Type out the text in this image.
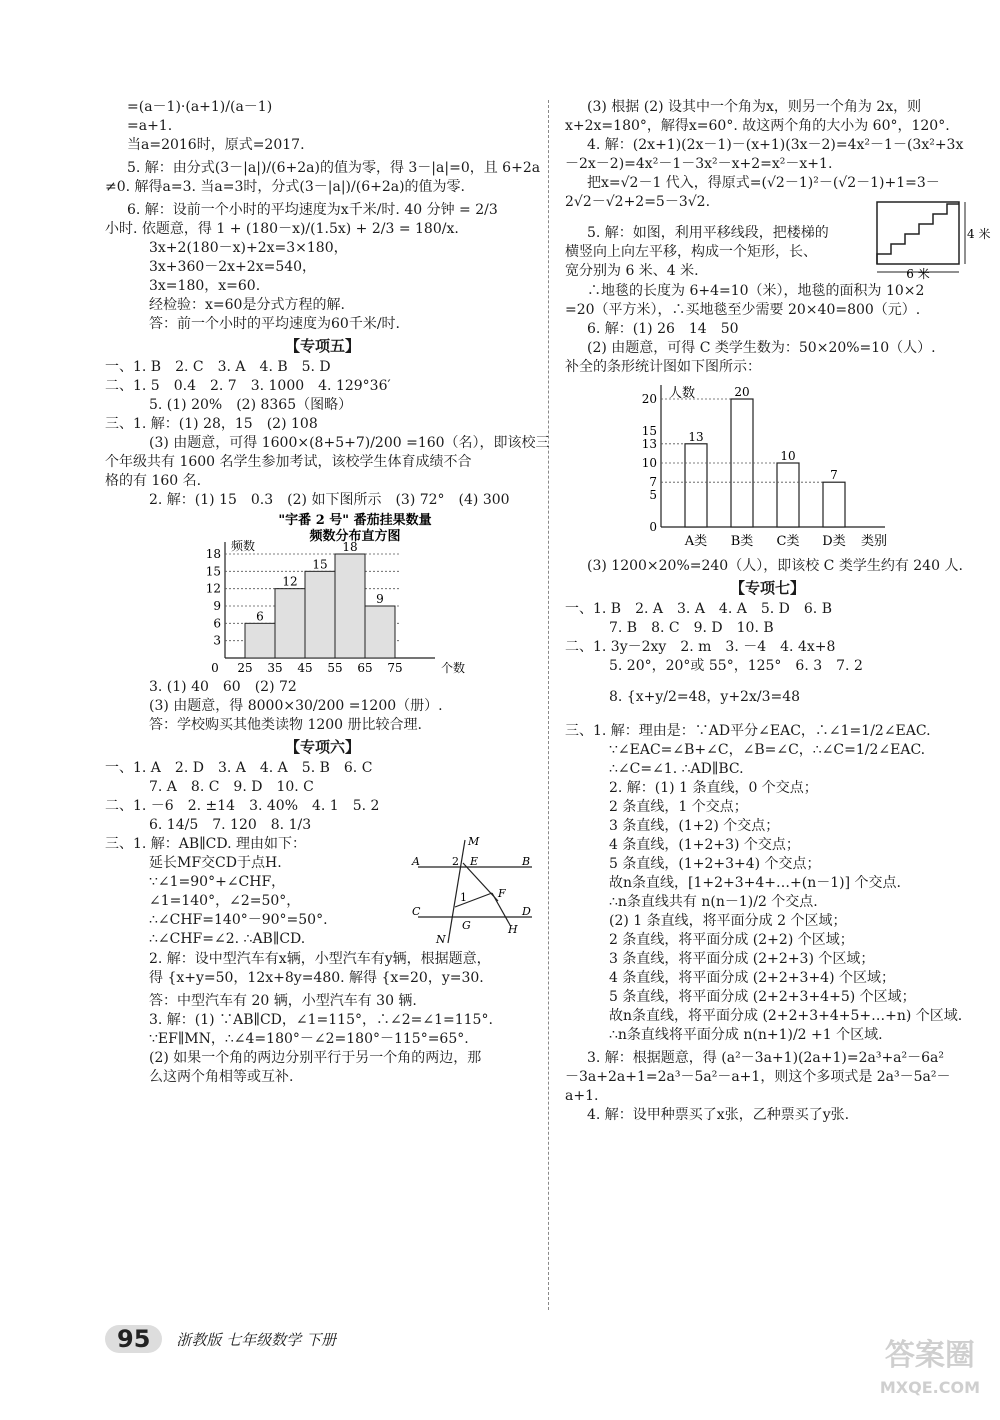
=(a－1)·(a+1)/(a－1)
=a+1.
当a=2016时，原式=2017.
5. 解：由分式(3－|a|)/(6+2a)的值为零，得 3－|a|=0，且 6+2a
≠0. 解得a=3. 当a=3时，分式(3－|a|)/(6+2a)的值为零.
6. 解：设前一个小时的平均速度为x千米/时. 40 分钟 = 2/3
小时. 依题意，得 1 + (180－x)/(1.5x) + 2/3 = 180/x.
3x+2(180－x)+2x=3×180，
3x+360－2x+2x=540，
3x=180，x=60.
经检验：x=60是分式方程的解.
答：前一个小时的平均速度为60千米/时.
【专项五】
一、1. B　2. C　3. A　4. B　5. D
二、1. 5　0.4　2. 7　3. 1000　4. 129°36′
5. (1) 20%　(2) 8365（图略）
三、1. 解：(1) 28，15　(2) 108
(3) 由题意，可得 1600×(8+5+7)/200 =160（名），即该校三
个年级共有 1600 名学生参加考试，该校学生体育成绩不合
格的有 160 名.
2. 解：(1) 15　0.3　(2) 如下图所示　(3) 72°　(4) 300
"宇番 2 号" 番茄挂果数量
频数分布直方图
3
6
9
12
15
18
6
12
15
18
9
0 25 35 45 55 65 75
频数
个数
3. (1) 40　60　(2) 72
(3) 由题意，得 8000×30/200 =1200（册）.
答：学校购买其他类读物 1200 册比较合理.
【专项六】
一、1. A　2. D　3. A　4. A　5. B　6. C
7. A　8. C　9. D　10. C
二、1. －6　2. ±14　3. 40%　4. 1　5. 2
6. 14/5　7. 120　8. 1/3
三、1. 解：AB∥CD. 理由如下：
延长MF交CD于点H.
∵∠1=90°+∠CHF，
∠1=140°，∠2=50°，
∴∠CHF=140°－90°=50°.
∴∠CHF=∠2. ∴AB∥CD.
M
A	2 E	B
1	F
C
G
D
H
N
2. 解：设中型汽车有x辆，小型汽车有y辆，根据题意，
得 {x+y=50，12x+8y=480. 解得 {x=20，y=30.
答：中型汽车有 20 辆，小型汽车有 30 辆.
3. 解：(1) ∵AB∥CD，∠1=115°，∴∠2=∠1=115°.
∵EF∥MN，∴∠4=180°－∠2=180°－115°=65°.
(2) 如果一个角的两边分别平行于另一个角的两边，那
么这两个角相等或互补.
(3) 根据 (2) 设其中一个角为x，则另一个角为 2x，则
x+2x=180°，解得x=60°. 故这两个角的大小为 60°，120°.
4. 解：(2x+1)(2x－1)－(x+1)(3x－2)=4x²－1－(3x²+3x
－2x－2)=4x²－1－3x²－x+2=x²－x+1.
把x=√2－1 代入，得原式=(√2－1)²－(√2－1)+1=3－
2√2－√2+2=5－3√2.
5. 解：如图，利用平移线段，把楼梯的
横竖向上向左平移，构成一个矩形，长、
宽分别为 6 米、4 米.	6 米
4 米
∴地毯的长度为 6+4=10（米），地毯的面积为 10×2
=20（平方米），∴买地毯至少需要 20×40=800（元）.
6. 解：(1) 26　14　50
(2) 由题意，可得 C 类学生数为：50×20%=10（人）.
补全的条形统计图如下图所示：
人数
0
5
7
10
13
15
20
13
A类
20
B类
10
C类
7
D类 类别
(3) 1200×20%=240（人），即该校 C 类学生约有 240 人.
【专项七】
一、1. B　2. A　3. A　4. A　5. D　6. B
7. B　8. C　9. D　10. B
二、1. 3y－2xy　2. m　3. －4　4. 4x+8
5. 20°，20°或 55°，125°　6. 3　7. 2
8. {x+y/2=48，y+2x/3=48
三、1. 解：理由是：∵AD平分∠EAC，∴∠1=1/2∠EAC.
∵∠EAC=∠B+∠C，∠B=∠C，∴∠C=1/2∠EAC.
∴∠C=∠1. ∴AD∥BC.
2. 解：(1) 1 条直线，0 个交点；
2 条直线，1 个交点；
3 条直线，(1+2) 个交点；
4 条直线，(1+2+3) 个交点；
5 条直线，(1+2+3+4) 个交点；
故n条直线，[1+2+3+4+…+(n－1)] 个交点.
∴n条直线共有 n(n－1)/2 个交点.
(2) 1 条直线，将平面分成 2 个区域；
2 条直线，将平面分成 (2+2) 个区域；
3 条直线，将平面分成 (2+2+3) 个区域；
4 条直线，将平面分成 (2+2+3+4) 个区域；
5 条直线，将平面分成 (2+2+3+4+5) 个区域；
故n条直线，将平面分成 (2+2+3+4+5+…+n) 个区域.
∴n条直线将平面分成 n(n+1)/2 +1 个区域.
3. 解：根据题意，得 (a²－3a+1)(2a+1)=2a³+a²－6a²
－3a+2a+1=2a³－5a²－a+1，则这个多项式是 2a³－5a²－
a+1.
4. 解：设甲种票买了x张，乙种票买了y张.
95	浙教版 七年级数学 下册	答案圈
MXQE.COM
